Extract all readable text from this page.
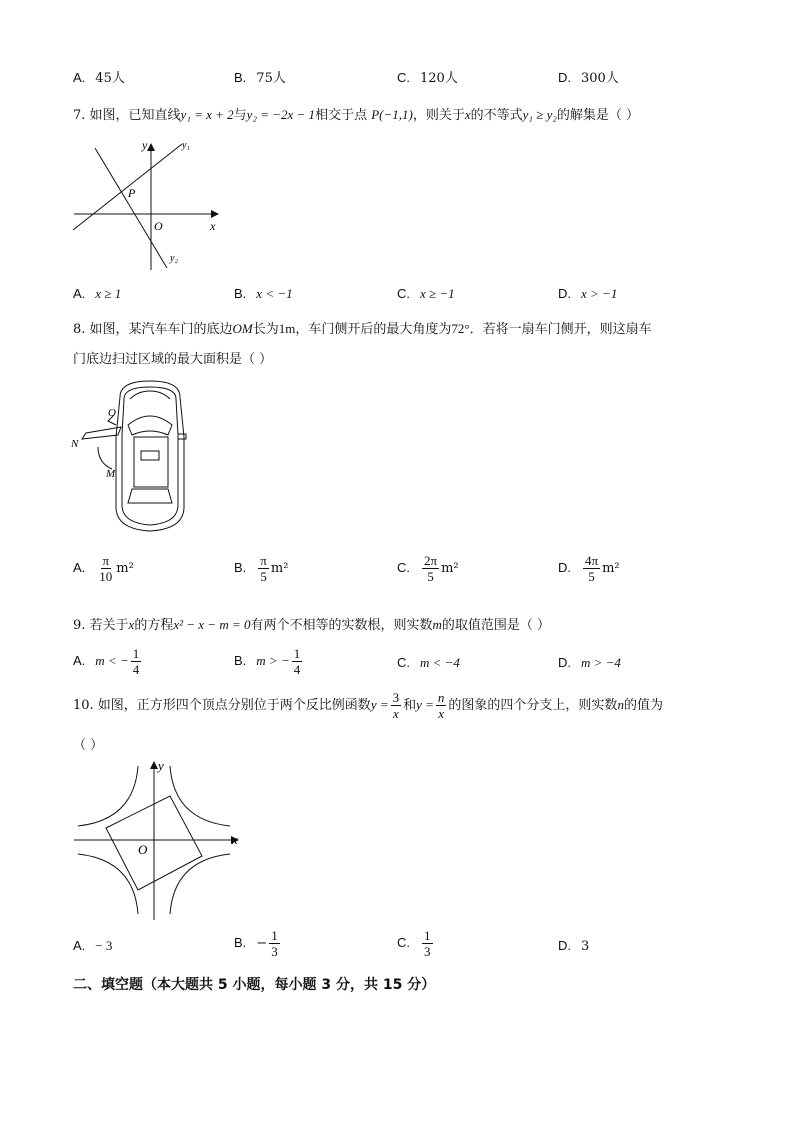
A. 45人	B. 75人	C. 120人	D. 300人
7. 如图，已知直线y₁ = x + 2与y₂ = −2x − 1相交于点 P(−1,1)，则关于x的不等式y₁ ≥ y₂的解集是（ ）
y	y₁
y₂
x
O
P
A. x ≥ 1	B. x < −1	C. x ≥ −1	D. x > −1
8. 如图，某汽车车门的底边OM长为1m，车门侧开后的最大角度为72°．若将一扇车门侧开，则这扇车
门底边扫过区域的最大面积是（ ）
O
N
M
A. $\frac{\pi}{10} m^2$	B. $\frac{\pi}{5} m^2$	C. $\frac{2\pi}{5} m^2$	D. $\frac{4\pi}{5} m^2$
9. 若关于x的方程x² − x − m = 0有两个不相等的实数根，则实数m的取值范围是（ ）
A. m < − $\frac{1}{4}$	B. m > − $\frac{1}{4}$	C. m < −4	D. m > −4
10. 如图，正方形四个顶点分别位于两个反比例函数$y = \frac{3}{x}$ 和$y = \frac{n}{x}$ 的图象的四个分支上，则实数n的值为
（ ）
y
x
O
A. − 3	B. − $\frac{1}{3}$	C. $\frac{1}{3}$	D. 3
二、填空题（本大题共 5 小题，每小题 3 分，共 15 分）
